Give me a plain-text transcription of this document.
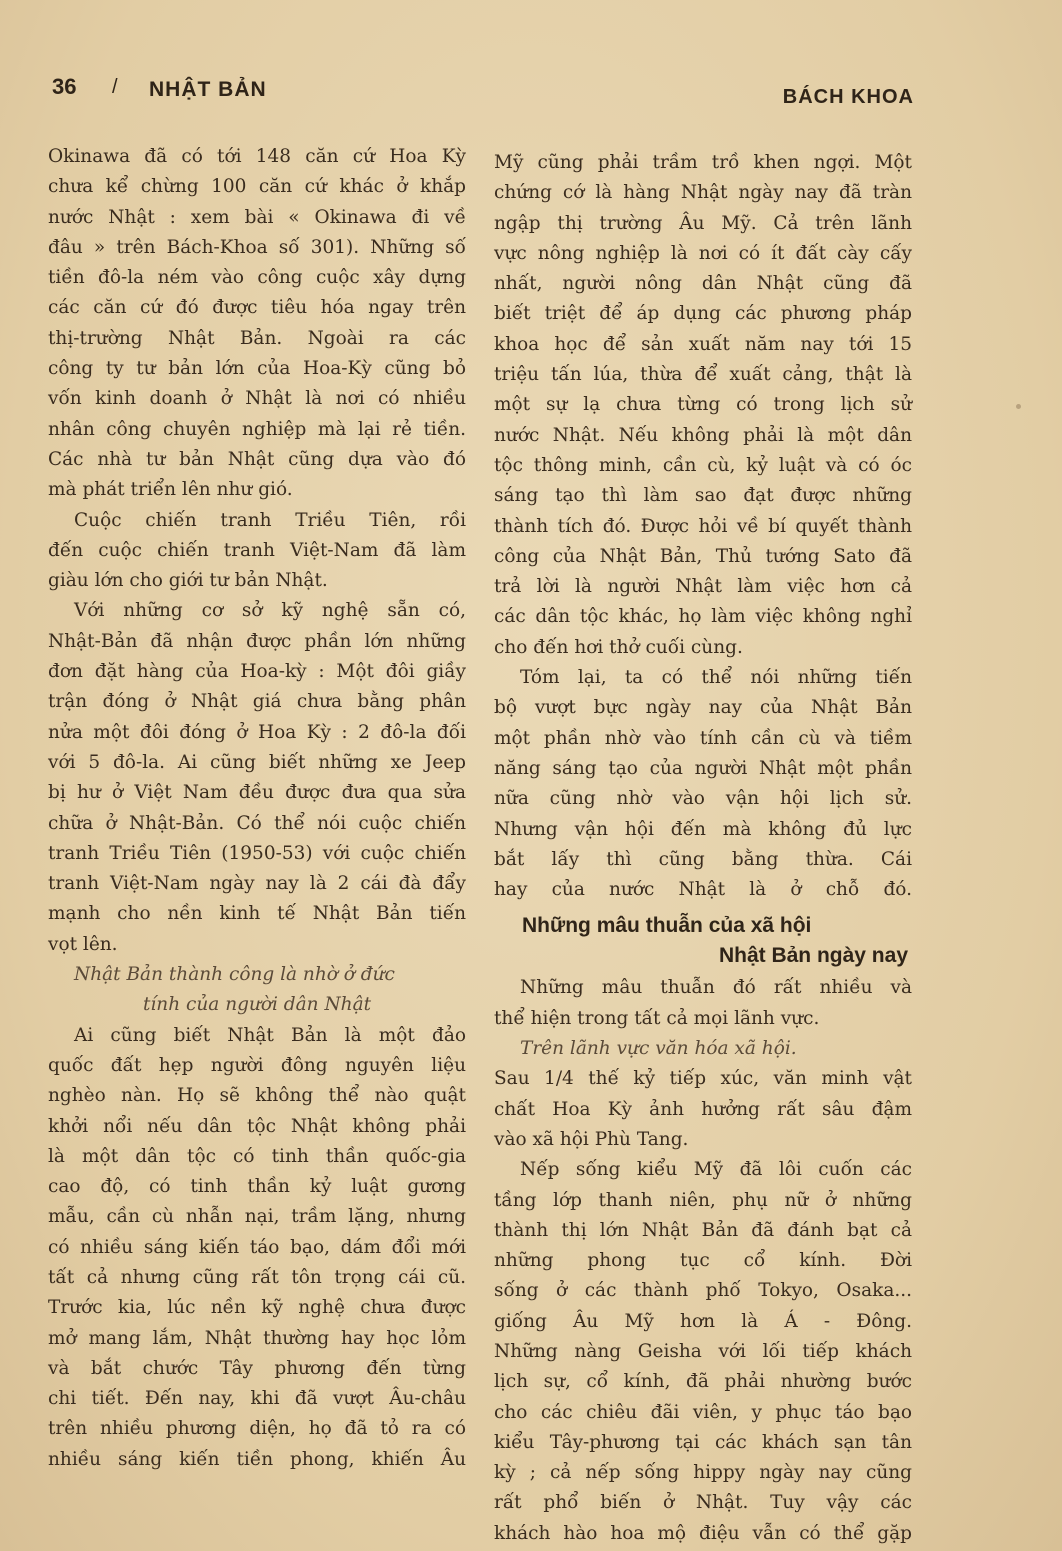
36 / NHẬT BẢN	BÁCH KHOA
Okinawa đã có tới 148 căn cứ Hoa Kỳ
chưa kể chừng 100 căn cứ khác ở khắp
nước Nhật : xem bài « Okinawa đi về
đâu » trên Bách-Khoa số 301). Những số
tiền đô-la ném vào công cuộc xây dựng
các căn cứ đó được tiêu hóa ngay trên
thị-trường Nhật Bản. Ngoài ra các
công ty tư bản lớn của Hoa-Kỳ cũng bỏ
vốn kinh doanh ở Nhật là nơi có nhiều
nhân công chuyên nghiệp mà lại rẻ tiền.
Các nhà tư bản Nhật cũng dựa vào đó
mà phát triển lên như gió.
Cuộc chiến tranh Triều Tiên, rồi
đến cuộc chiến tranh Việt-Nam đã làm
giàu lớn cho giới tư bản Nhật.
Với những cơ sở kỹ nghệ sẵn có,
Nhật-Bản đã nhận được phần lớn những
đơn đặt hàng của Hoa-kỳ : Một đôi giầy
trận đóng ở Nhật giá chưa bằng phân
nửa một đôi đóng ở Hoa Kỳ : 2 đô-la đối
với 5 đô-la. Ai cũng biết những xe Jeep
bị hư ở Việt Nam đều được đưa qua sửa
chữa ở Nhật-Bản. Có thể nói cuộc chiến
tranh Triều Tiên (1950-53) với cuộc chiến
tranh Việt-Nam ngày nay là 2 cái đà đẩy
mạnh cho nền kinh tế Nhật Bản tiến
vọt lên.
Nhật Bản thành công là nhờ ở đức
tính của người dân Nhật
Ai cũng biết Nhật Bản là một đảo
quốc đất hẹp người đông nguyên liệu
nghèo nàn. Họ sẽ không thể nào quật
khởi nổi nếu dân tộc Nhật không phải
là một dân tộc có tinh thần quốc-gia
cao độ, có tinh thần kỷ luật gương
mẫu, cần cù nhẫn nại, trầm lặng, nhưng
có nhiều sáng kiến táo bạo, dám đổi mới
tất cả nhưng cũng rất tôn trọng cái cũ.
Trước kia, lúc nền kỹ nghệ chưa được
mở mang lắm, Nhật thường hay học lỏm
và bắt chước Tây phương đến từng
chi tiết. Đến nay, khi đã vượt Âu-châu
trên nhiều phương diện, họ đã tỏ ra có
nhiều sáng kiến tiền phong, khiến Âu
Mỹ cũng phải trầm trồ khen ngợi. Một
chứng cớ là hàng Nhật ngày nay đã tràn
ngập thị trường Âu Mỹ. Cả trên lãnh
vực nông nghiệp là nơi có ít đất cày cấy
nhất, người nông dân Nhật cũng đã
biết triệt để áp dụng các phương pháp
khoa học để sản xuất năm nay tới 15
triệu tấn lúa, thừa để xuất cảng, thật là
một sự lạ chưa từng có trong lịch sử
nước Nhật. Nếu không phải là một dân
tộc thông minh, cần cù, kỷ luật và có óc
sáng tạo thì làm sao đạt được những
thành tích đó. Được hỏi về bí quyết thành
công của Nhật Bản, Thủ tướng Sato đã
trả lời là người Nhật làm việc hơn cả
các dân tộc khác, họ làm việc không nghỉ
cho đến hơi thở cuối cùng.
Tóm lại, ta có thể nói những tiến
bộ vượt bực ngày nay của Nhật Bản
một phần nhờ vào tính cần cù và tiềm
năng sáng tạo của người Nhật một phần
nữa cũng nhờ vào vận hội lịch sử.
Nhưng vận hội đến mà không đủ lực
bắt lấy thì cũng bằng thừa. Cái
hay của nước Nhật là ở chỗ đó.
Những mâu thuẫn của xã hội
Nhật Bản ngày nay
Những mâu thuẫn đó rất nhiều và
thể hiện trong tất cả mọi lãnh vực.
Trên lãnh vực văn hóa xã hội.
Sau 1/4 thế kỷ tiếp xúc, văn minh vật
chất Hoa Kỳ ảnh hưởng rất sâu đậm
vào xã hội Phù Tang.
Nếp sống kiểu Mỹ đã lôi cuốn các
tầng lớp thanh niên, phụ nữ ở những
thành thị lớn Nhật Bản đã đánh bạt cả
những phong tục cổ kính. Đời
sống ở các thành phố Tokyo, Osaka...
giống Âu Mỹ hơn là Á - Đông.
Những nàng Geisha với lối tiếp khách
lịch sự, cổ kính, đã phải nhường bước
cho các chiêu đãi viên, y phục táo bạo
kiểu Tây-phương tại các khách sạn tân
kỳ ; cả nếp sống hippy ngày nay cũng
rất phổ biến ở Nhật. Tuy vậy các
khách hào hoa mộ điệu vẫn có thể gặp
